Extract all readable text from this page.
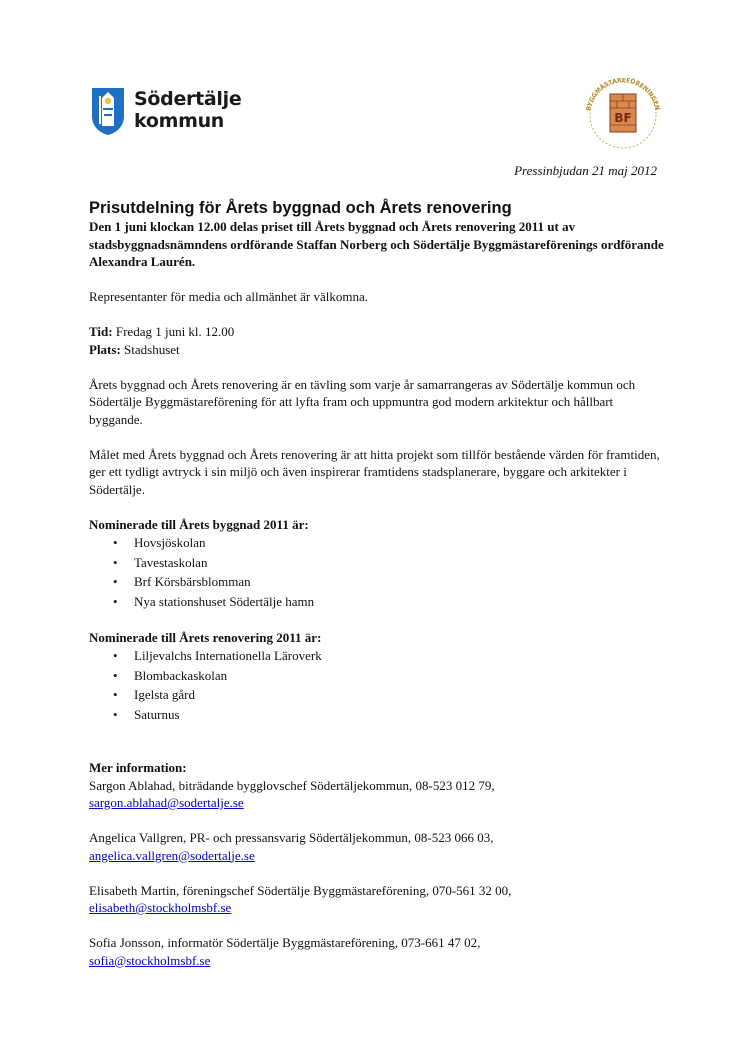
Södertälje
kommun
BYGGMÄSTAREFÖRENINGEN
BF
Pressinbjudan 21 maj 2012
Prisutdelning för Årets byggnad och Årets renovering

Den 1 juni klockan 12.00 delas priset till Årets byggnad och Årets renovering 2011 ut av stadsbyggnadsnämndens ordförande Staffan Norberg och Södertälje Byggmästareförenings ordförande Alexandra Laurén.

Representanter för media och allmänhet är välkomna.

Tid: Fredag 1 juni kl. 12.00

Plats: Stadshuset

Årets byggnad och Årets renovering är en tävling som varje år samarrangeras av Södertälje kommun och Södertälje Byggmästareförening för att lyfta fram och uppmuntra god modern arkitektur och hållbart byggande.

Målet med Årets byggnad och Årets renovering är att hitta projekt som tillför bestående värden för framtiden, ger ett tydligt avtryck i sin miljö och även inspirerar framtidens stadsplanerare, byggare och arkitekter i Södertälje.

Nominerade till Årets byggnad 2011 är:

• Hovsjöskolan
• Tavestaskolan
• Brf Körsbärsblomman
• Nya stationshuset Södertälje hamn

Nominerade till Årets renovering 2011 är:

• Liljevalchs Internationella Läroverk
• Blombackaskolan
• Igelsta gård
• Saturnus

Mer information:

Sargon Ablahad, biträdande bygglovschef Södertäljekommun, 08-523 012 79,

sargon.ablahad@sodertalje.se

Angelica Vallgren, PR- och pressansvarig Södertäljekommun, 08-523 066 03,

angelica.vallgren@sodertalje.se

Elisabeth Martin, föreningschef Södertälje Byggmästareförening, 070-561 32 00,

elisabeth@stockholmsbf.se

Sofia Jonsson, informatör Södertälje Byggmästareförening, 073-661 47 02,

sofia@stockholmsbf.se
